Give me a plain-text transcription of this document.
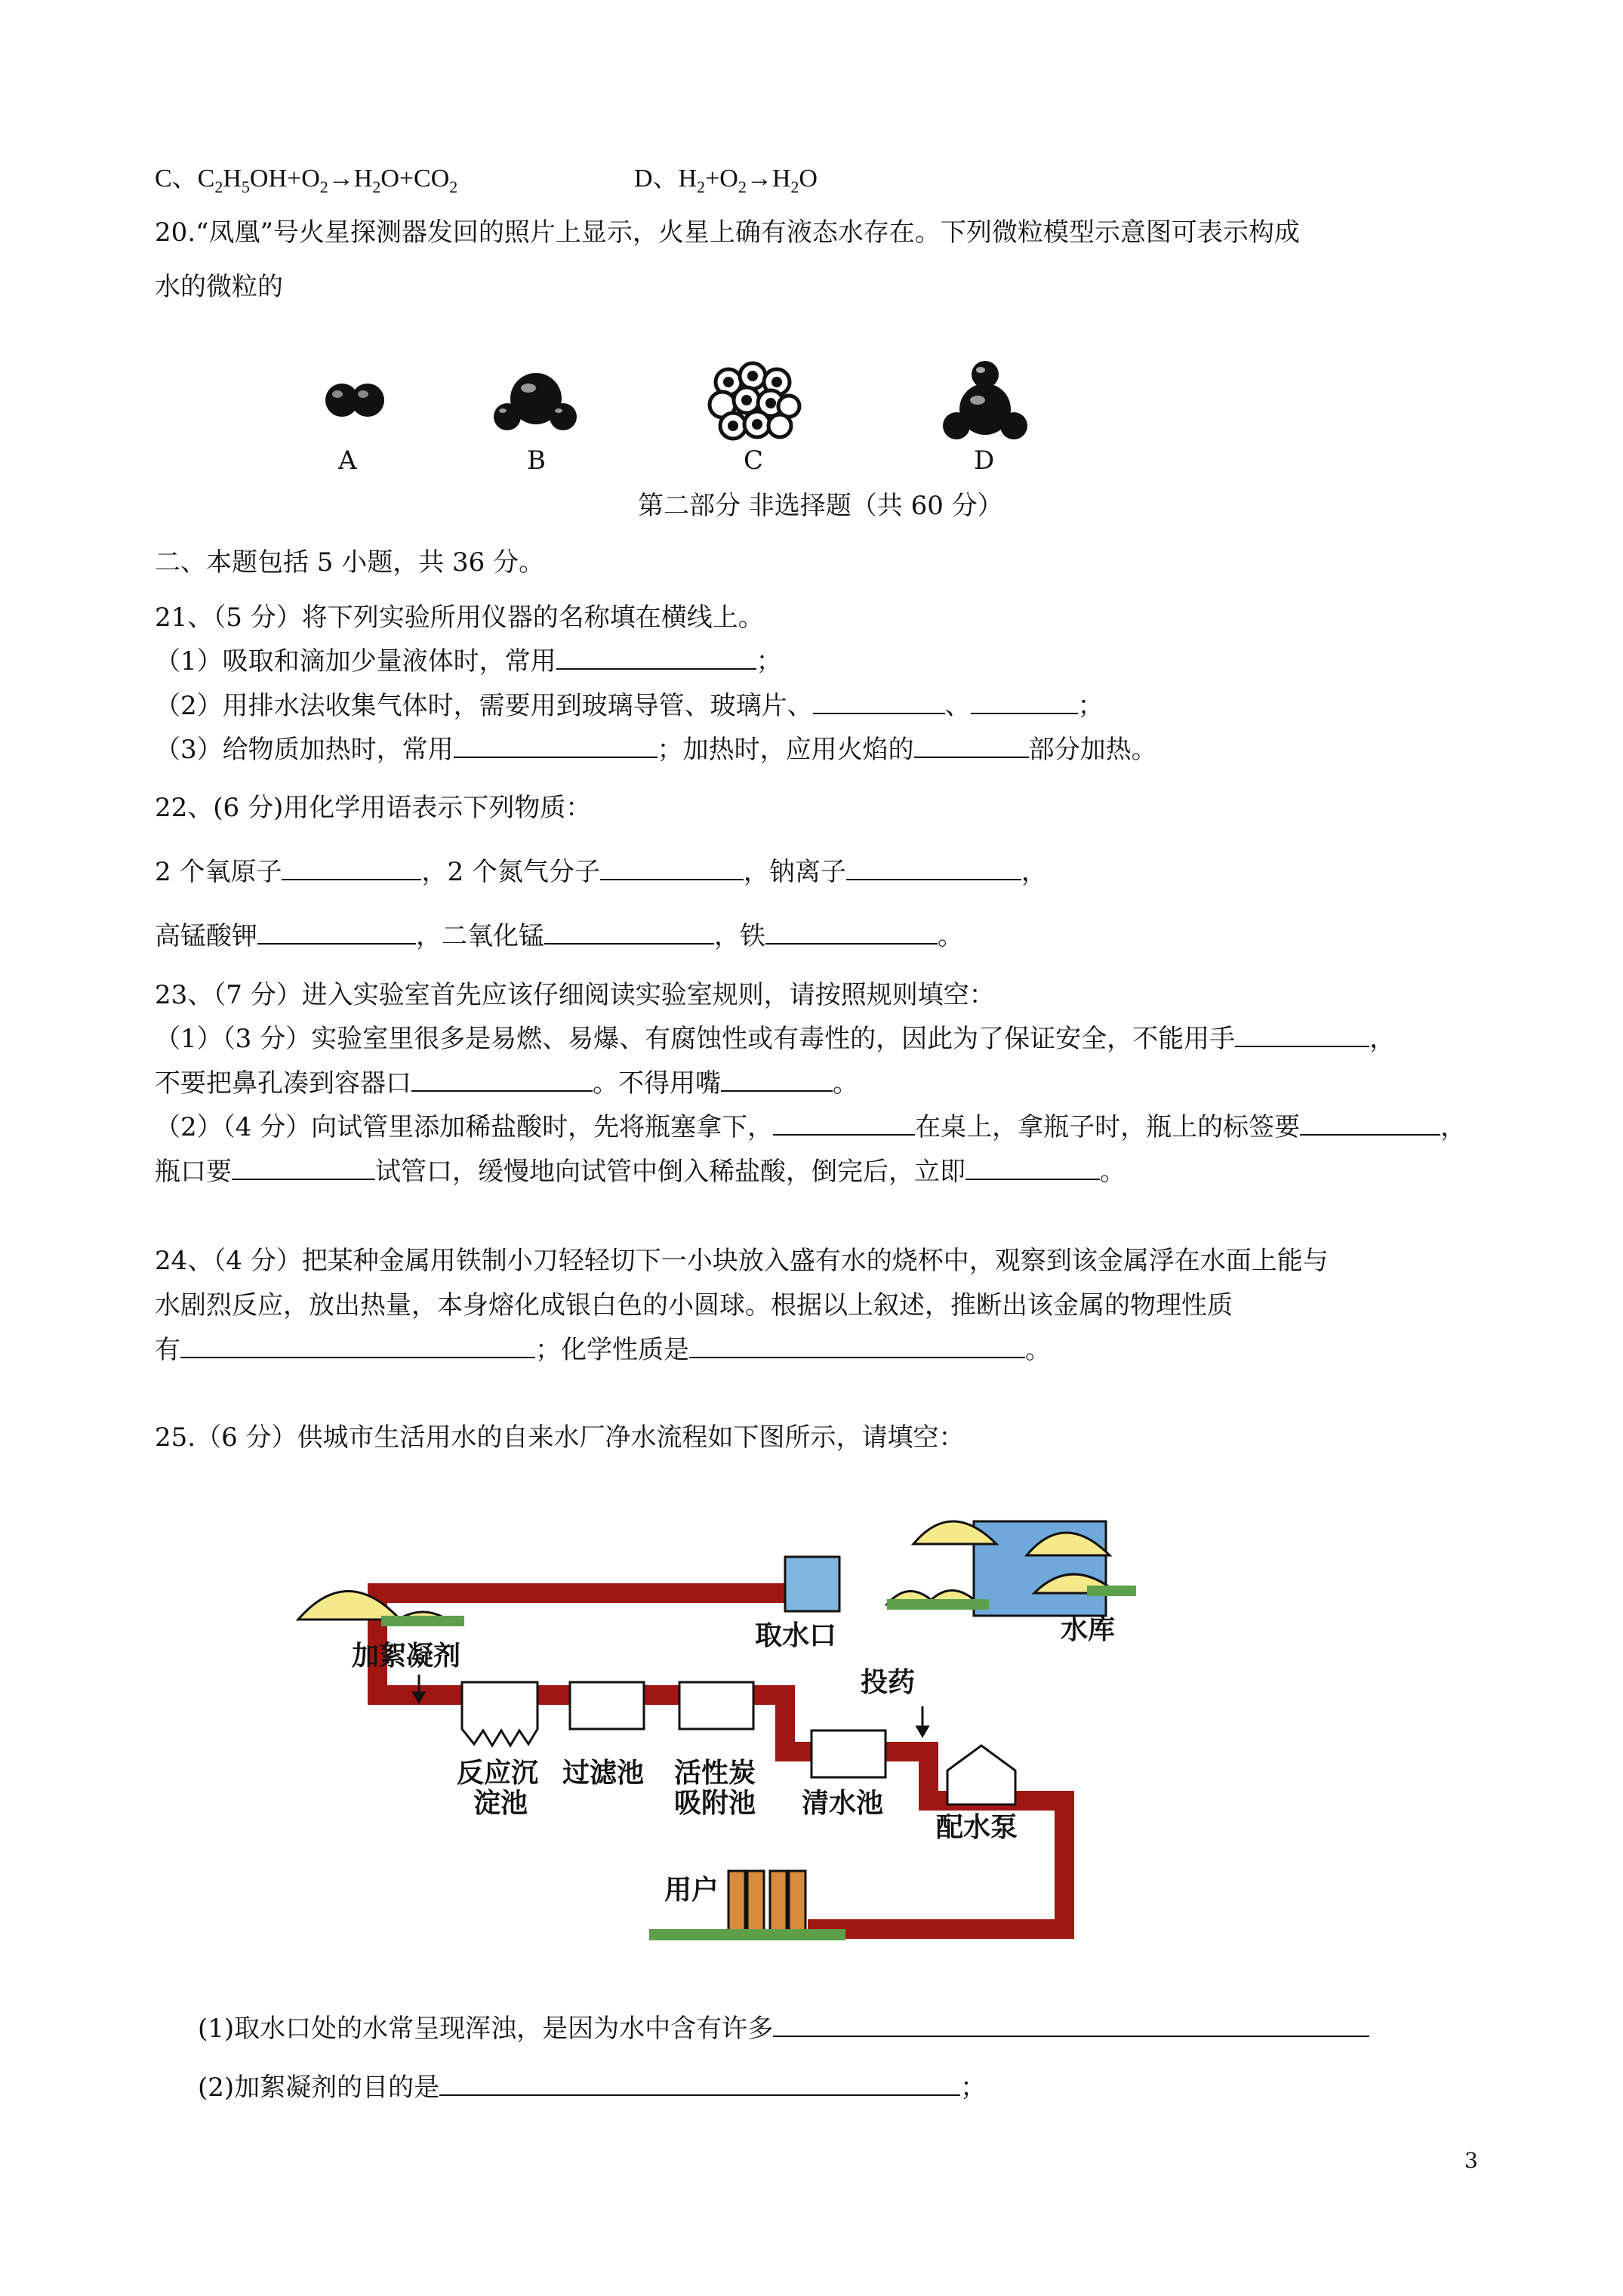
C、$C_2H_5OH+O_2\to H_2O+CO_2$	D、$H_2+O_2\to H_2O$
20.“凤凰”号火星探测器发回的照片上显示，火星上确有液态水存在。下列微粒模型示意图可表示构成
水的微粒的
A	B	C	D
第二部分 非选择题（共 60 分）
二、本题包括 5 小题，共 36 分。
21、（5 分）将下列实验所用仪器的名称填在横线上。
（1）吸取和滴加少量液体时，常用	；
（2）用排水法收集气体时，需要用到玻璃导管、玻璃片、	、	；
（3）给物质加热时，常用	；加热时，应用火焰的	部分加热。
22、(6 分)用化学用语表示下列物质：
2 个氧原子	，2 个氮气分子	，钠离子	，
高锰酸钾	，二氧化锰	，铁	。
23、（7 分）进入实验室首先应该仔细阅读实验室规则，请按照规则填空：
（1）（3 分）实验室里很多是易燃、易爆、有腐蚀性或有毒性的，因此为了保证安全，不能用手	，
不要把鼻孔凑到容器口	。不得用嘴	。
（2）（4 分）向试管里添加稀盐酸时，先将瓶塞拿下，	在桌上，拿瓶子时，瓶上的标签要	，
瓶口要	试管口，缓慢地向试管中倒入稀盐酸，倒完后，立即	。
24、（4 分）把某种金属用铁制小刀轻轻切下一小块放入盛有水的烧杯中，观察到该金属浮在水面上能与
水剧烈反应，放出热量，本身熔化成银白色的小圆球。根据以上叙述，推断出该金属的物理性质
有	；化学性质是	。
25.（6 分）供城市生活用水的自来水厂净水流程如下图所示，请填空：
取水口	水库
加絮凝剂
投药
反应沉
淀池
过滤池 活性炭
吸附池 清水池
配水泵
用户
(1)取水口处的水常呈现浑浊，是因为水中含有许多
(2)加絮凝剂的目的是	；
3
